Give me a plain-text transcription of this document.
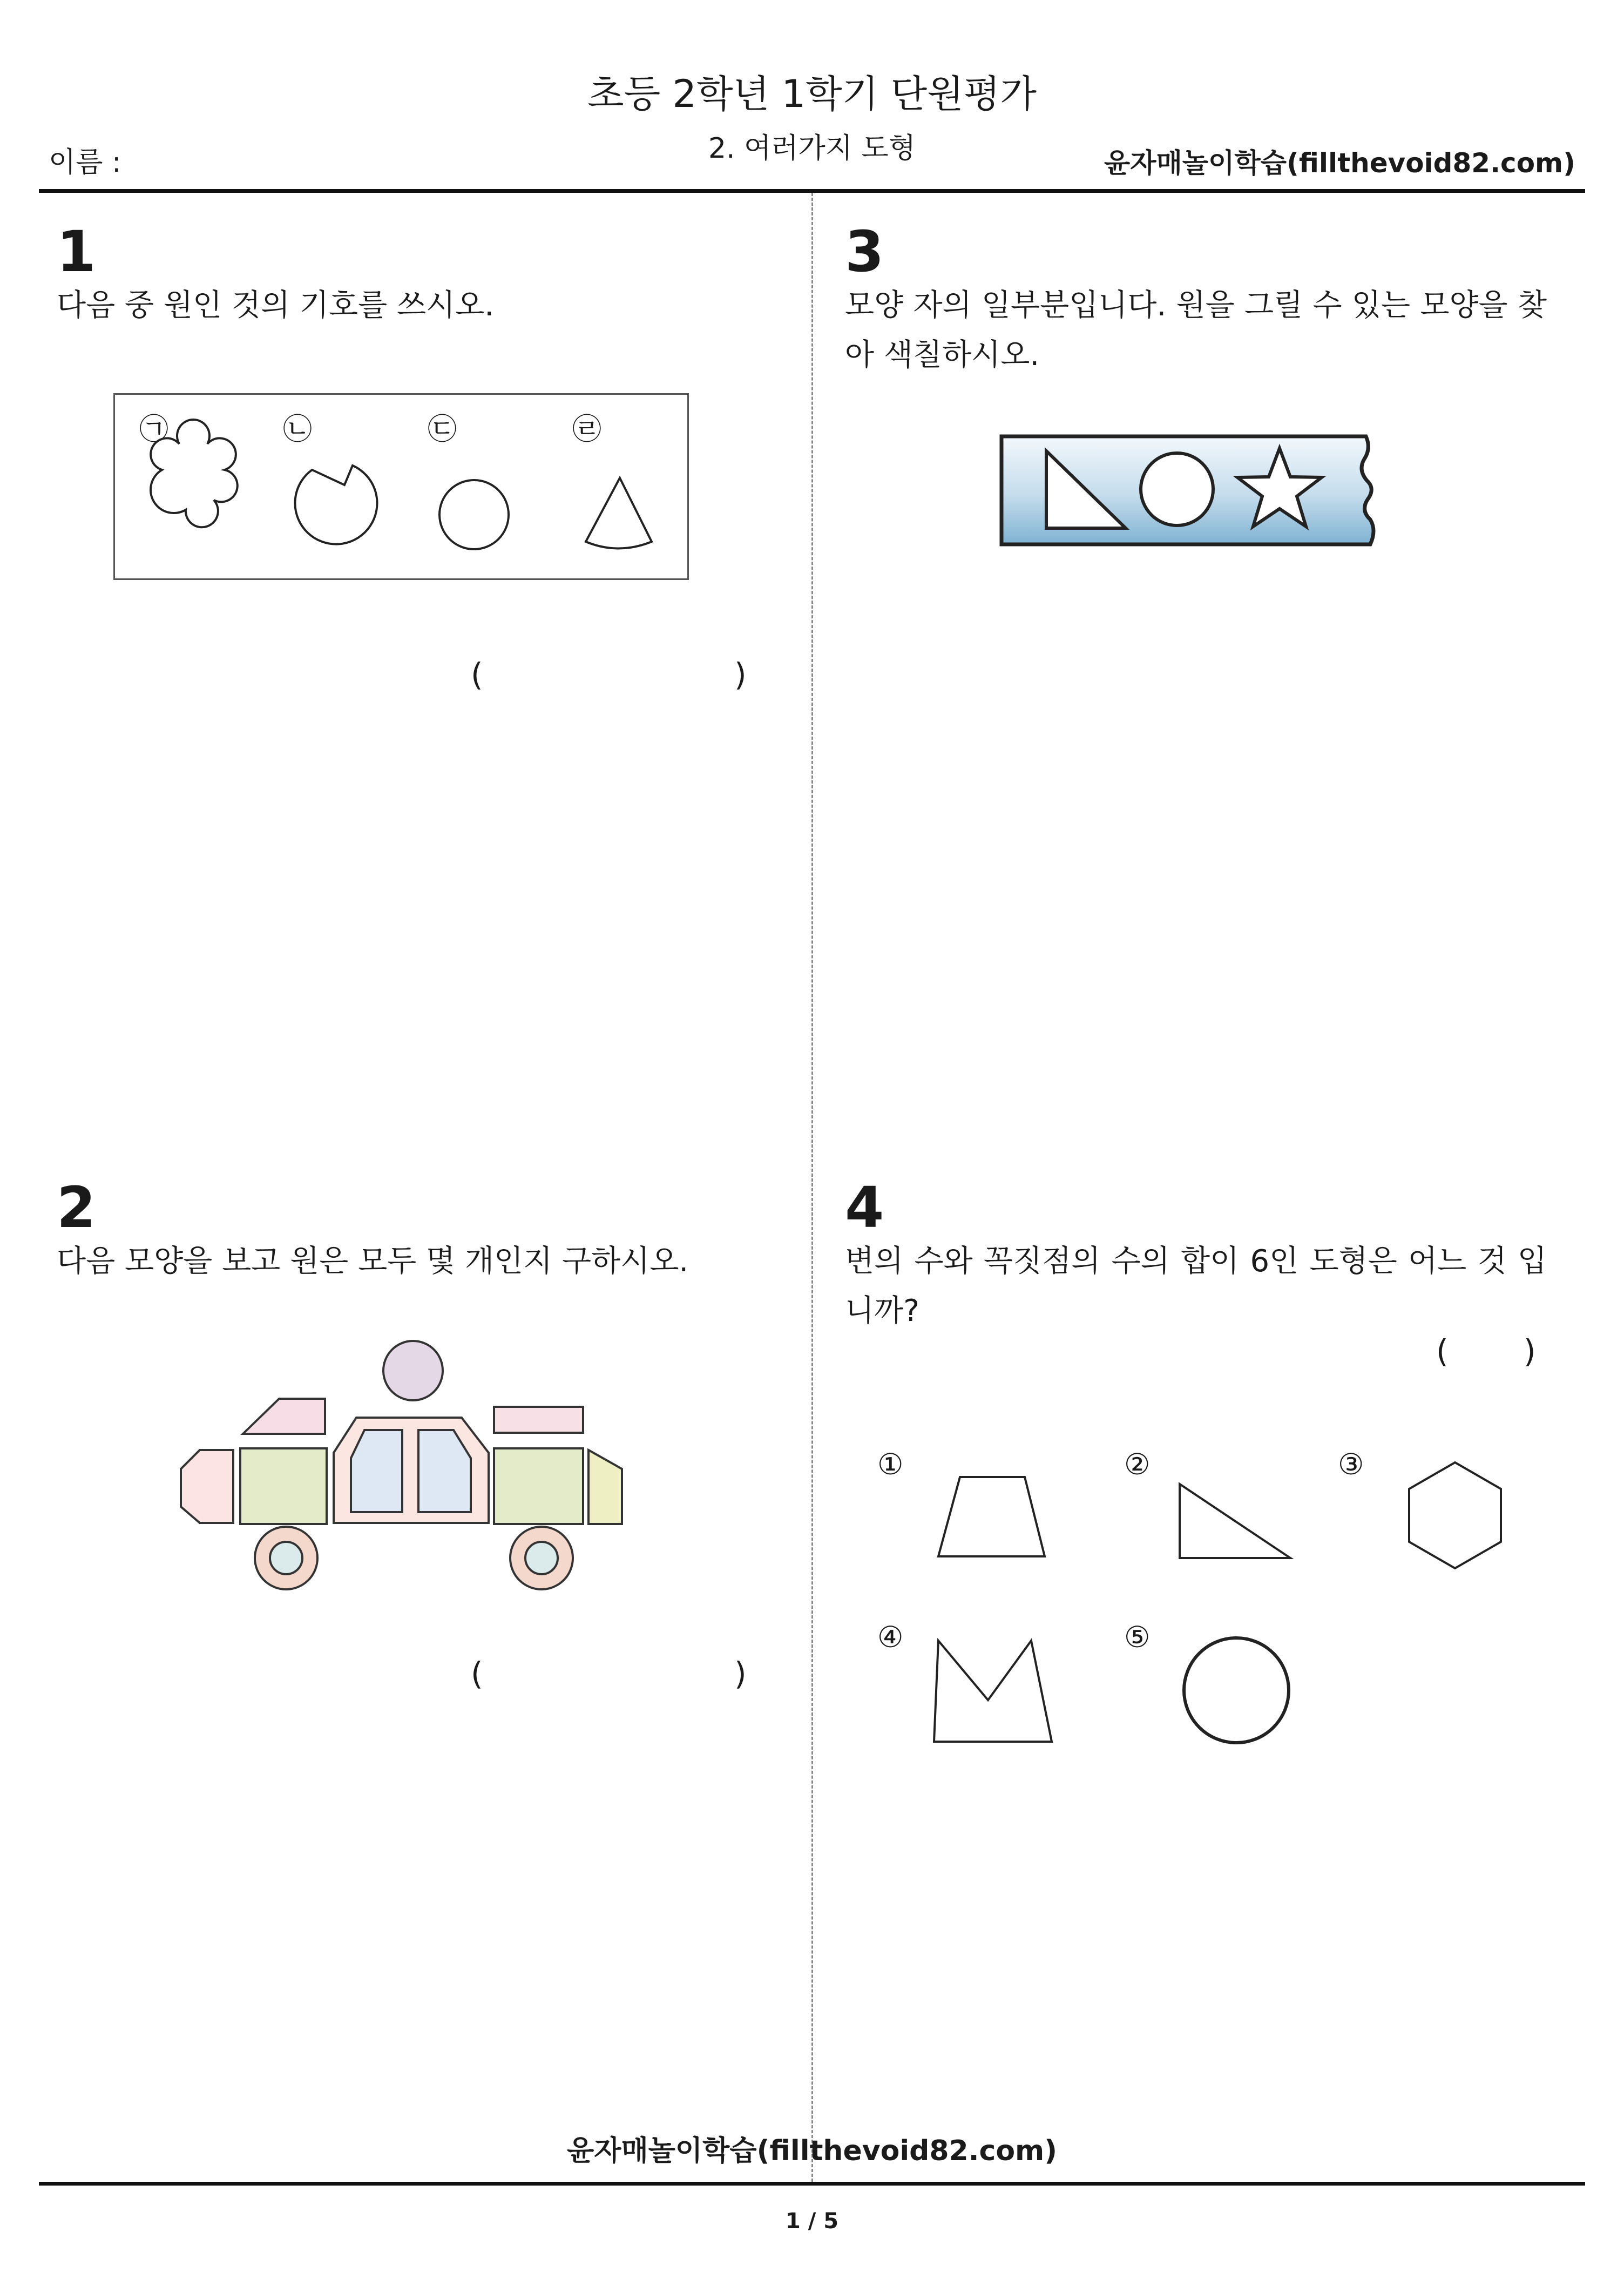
초등 2학년 1학기 단원평가
2. 여러가지 도형
이름 :	윤자매놀이학습(fillthevoid82.com)
1
다음 중 원인 것의 기호를 쓰시오.
㉠	㉡	㉢	㉣
(	)
2
다음 모양을 보고 원은 모두 몇 개인지 구하시오.
(	)
3
모양 자의 일부분입니다. 원을 그릴 수 있는 모양을 찾아 색칠하시오.
4
변의 수와 꼭짓점의 수의 합이 6인 도형은 어느 것 입니까?
( )
①	②	③
④	⑤
윤자매놀이학습(fillthevoid82.com)
1 / 5
